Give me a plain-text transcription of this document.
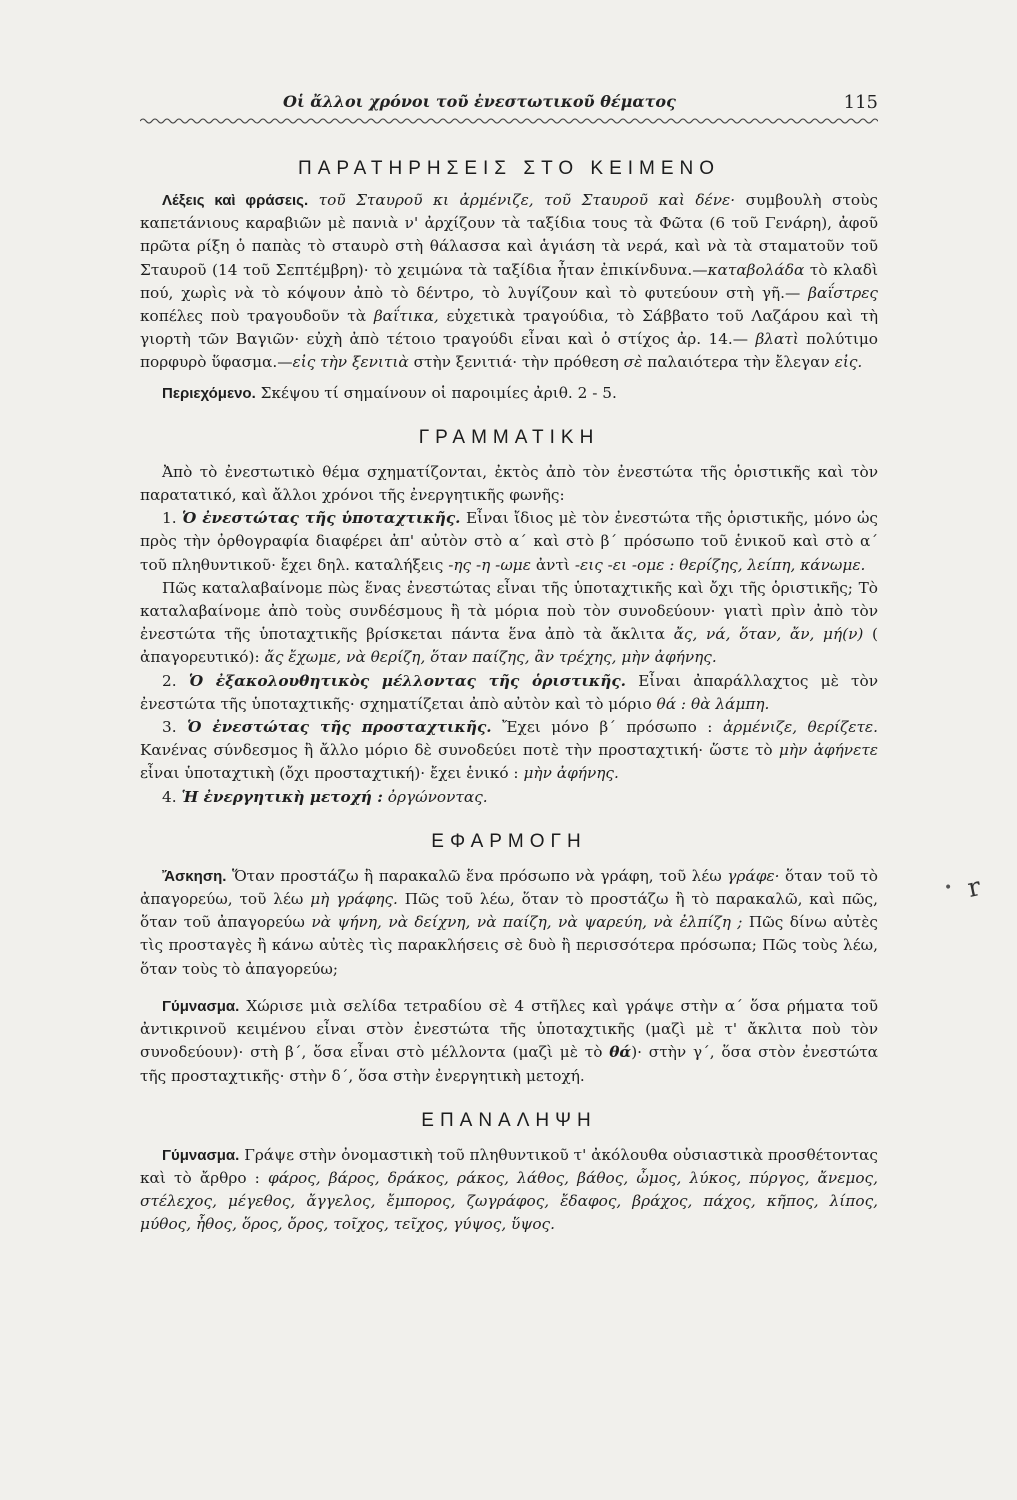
• r
Οἱ ἄλλοι χρόνοι τοῦ ἐνεστωτικοῦ θέματος	115
ΠΑΡΑΤΗΡΗΣΕΙΣ ΣΤΟ ΚΕΙΜΕΝΟ

Λέξεις καὶ φράσεις. τοῦ Σταυροῦ κι ἀρμένιζε, τοῦ Σταυροῦ καὶ δένε· συμβουλὴ στοὺς καπετάνιους καραβιῶν μὲ πανιὰ ν' ἀρχίζουν τὰ ταξίδια τους τὰ Φῶτα (6 τοῦ Γενάρη), ἀφοῦ πρῶτα ρίξη ὁ παπὰς τὸ σταυρὸ στὴ θάλασσα καὶ ἁγιάση τὰ νερά, καὶ νὰ τὰ σταματοῦν τοῦ Σταυροῦ (14 τοῦ Σεπτέμβρη)· τὸ χειμώνα τὰ ταξίδια ἦταν ἐπικίνδυνα.—καταβολάδα τὸ κλαδὶ πού, χωρὶς νὰ τὸ κόψουν ἀπὸ τὸ δέντρο, τὸ λυγίζουν καὶ τὸ φυτεύουν στὴ γῆ.— βαΐστρες κοπέλες ποὺ τραγουδοῦν τὰ βαΐτικα, εὐχετικὰ τραγούδια, τὸ Σάββατο τοῦ Λαζάρου καὶ τὴ γιορτὴ τῶν Βαγιῶν· εὐχὴ ἀπὸ τέτοιο τραγούδι εἶναι καὶ ὁ στίχος ἀρ. 14.— βλατὶ πολύτιμο πορφυρὸ ὕφασμα.—εἰς τὴν ξενιτιὰ στὴν ξενιτιά· τὴν πρόθεση σὲ παλαιότερα τὴν ἔλεγαν εἰς.

Περιεχόμενο. Σκέψου τί σημαίνουν οἱ παροιμίες ἀριθ. 2 - 5.

ΓΡΑΜΜΑΤΙΚΗ

Ἀπὸ τὸ ἐνεστωτικὸ θέμα σχηματίζονται, ἐκτὸς ἀπὸ τὸν ἐνεστώτα τῆς ὁριστικῆς καὶ τὸν παρατατικό, καὶ ἄλλοι χρόνοι τῆς ἐνεργητικῆς φωνῆς:

1. Ὁ ἐνεστώτας τῆς ὑποταχτικῆς. Εἶναι ἴδιος μὲ τὸν ἐνεστώτα τῆς ὁριστικῆς, μόνο ὡς πρὸς τὴν ὀρθογραφία διαφέρει ἀπ' αὐτὸν στὸ α΄ καὶ στὸ β΄ πρόσωπο τοῦ ἑνικοῦ καὶ στὸ α΄ τοῦ πληθυντικοῦ· ἔχει δηλ. καταλήξεις -ης -η -ωμε ἀντὶ -εις -ει -ομε : θερίζης, λείπη, κάνωμε.

Πῶς καταλαβαίνομε πὼς ἕνας ἐνεστώτας εἶναι τῆς ὑποταχτικῆς καὶ ὄχι τῆς ὁριστικῆς; Τὸ καταλαβαίνομε ἀπὸ τοὺς συνδέσμους ἢ τὰ μόρια ποὺ τὸν συνοδεύουν· γιατὶ πρὶν ἀπὸ τὸν ἐνεστώτα τῆς ὑποταχτικῆς βρίσκεται πάντα ἕνα ἀπὸ τὰ ἄκλιτα ἄς, νά, ὅταν, ἄν, μή(ν) ( ἀπαγορευτικό): ἄς ἔχωμε, νὰ θερίζη, ὅταν παίζης, ἂν τρέχης, μὴν ἀφήνης.

2. Ὁ ἐξακολουθητικὸς μέλλοντας τῆς ὁριστικῆς. Εἶναι ἀπαράλλαχτος μὲ τὸν ἐνεστώτα τῆς ὑποταχτικῆς· σχηματίζεται ἀπὸ αὐτὸν καὶ τὸ μόριο θά : θὰ λάμπη.

3. Ὁ ἐνεστώτας τῆς προσταχτικῆς. Ἔχει μόνο β΄ πρόσωπο : ἀρμένιζε, θερίζετε. Κανένας σύνδεσμος ἢ ἄλλο μόριο δὲ συνοδεύει ποτὲ τὴν προσταχτική· ὥστε τὸ μὴν ἀφήνετε εἶναι ὑποταχτικὴ (ὄχι προσταχτική)· ἔχει ἑνικό : μὴν ἀφήνης.

4. Ἡ ἐνεργητικὴ μετοχή : ὀργώνοντας.

ΕΦΑΡΜΟΓΗ

Ἄσκηση. Ὅταν προστάζω ἢ παρακαλῶ ἕνα πρόσωπο νὰ γράφη, τοῦ λέω γράφε· ὅταν τοῦ τὸ ἀπαγορεύω, τοῦ λέω μὴ γράφης. Πῶς τοῦ λέω, ὅταν τὸ προστάζω ἢ τὸ παρακαλῶ, καὶ πῶς, ὅταν τοῦ ἀπαγορεύω νὰ ψήνη, νὰ δείχνη, νὰ παίζη, νὰ ψαρεύη, νὰ ἐλπίζη ; Πῶς δίνω αὐτὲς τὶς προσταγὲς ἢ κάνω αὐτὲς τὶς παρακλήσεις σὲ δυὸ ἢ περισσότερα πρόσωπα; Πῶς τοὺς λέω, ὅταν τοὺς τὸ ἀπαγορεύω;

Γύμνασμα. Χώρισε μιὰ σελίδα τετραδίου σὲ 4 στῆλες καὶ γράψε στὴν α΄ ὅσα ρήματα τοῦ ἀντικρινοῦ κειμένου εἶναι στὸν ἐνεστώτα τῆς ὑποταχτικῆς (μαζὶ μὲ τ' ἄκλιτα ποὺ τὸν συνοδεύουν)· στὴ β΄, ὅσα εἶναι στὸ μέλλοντα (μαζὶ μὲ τὸ θά)· στὴν γ΄, ὅσα στὸν ἐνεστώτα τῆς προσταχτικῆς· στὴν δ΄, ὅσα στὴν ἐνεργητικὴ μετοχή.

ΕΠΑΝΑΛΗΨΗ

Γύμνασμα. Γράψε στὴν ὀνομαστικὴ τοῦ πληθυντικοῦ τ' ἀκόλουθα οὐσιαστικὰ προσθέτοντας καὶ τὸ ἄρθρο : φάρος, βάρος, δράκος, ράκος, λάθος, βάθος, ὦμος, λύκος, πύργος, ἄνεμος, στέλεχος, μέγεθος, ἄγγελος, ἔμπορος, ζωγράφος, ἔδαφος, βράχος, πάχος, κῆπος, λίπος, μύθος, ἦθος, ὅρος, ὄρος, τοῖχος, τεῖχος, γύψος, ὕψος.
